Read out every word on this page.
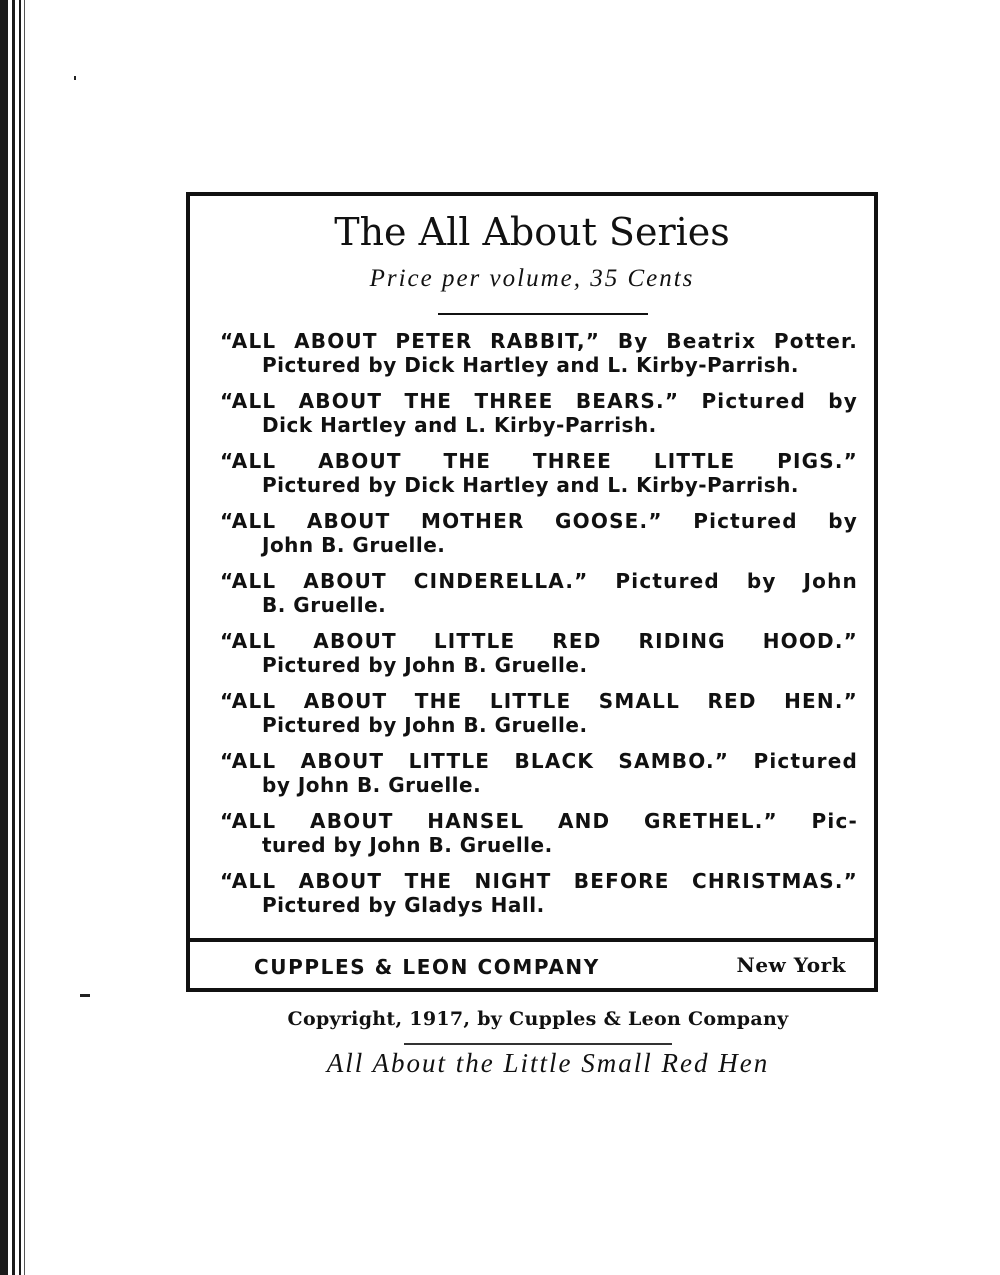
The All About Series
Price per volume, 35 Cents
“ALL ABOUT PETER RABBIT,” By Beatrix Potter.
Pictured by Dick Hartley and L. Kirby-Parrish.
“ALL ABOUT THE THREE BEARS.” Pictured by
Dick Hartley and L. Kirby-Parrish.
“ALL ABOUT THE THREE LITTLE PIGS.”
Pictured by Dick Hartley and L. Kirby-Parrish.
“ALL ABOUT MOTHER GOOSE.” Pictured by
John B. Gruelle.
“ALL ABOUT CINDERELLA.” Pictured by John
B. Gruelle.
“ALL ABOUT LITTLE RED RIDING HOOD.”
Pictured by John B. Gruelle.
“ALL ABOUT THE LITTLE SMALL RED HEN.”
Pictured by John B. Gruelle.
“ALL ABOUT LITTLE BLACK SAMBO.” Pictured
by John B. Gruelle.
“ALL ABOUT HANSEL AND GRETHEL.” Pic-
tured by John B. Gruelle.
“ALL ABOUT THE NIGHT BEFORE CHRISTMAS.”
Pictured by Gladys Hall.
CUPPLES & LEON COMPANY	New York
Copyright, 1917, by Cupples & Leon Company
All About the Little Small Red Hen
